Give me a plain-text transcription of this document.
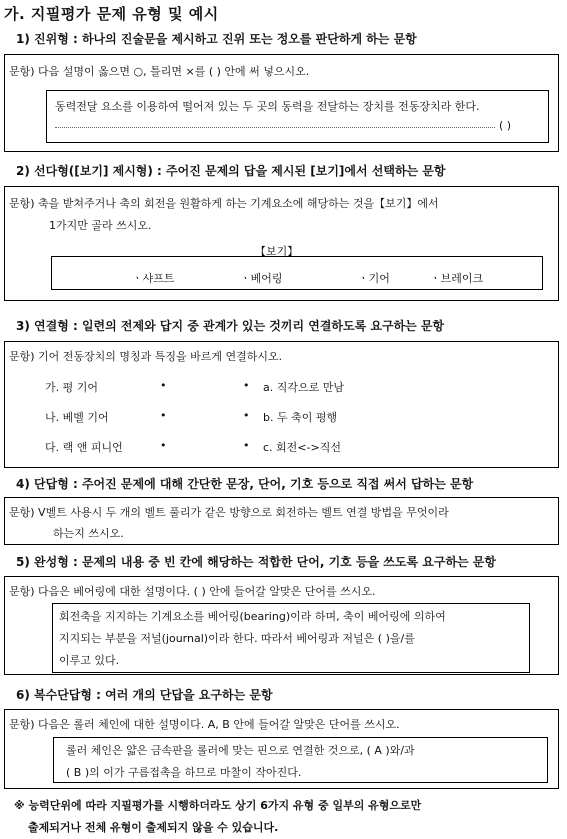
가. 지필평가 문제 유형 및 예시
1) 진위형 : 하나의 진술문을 제시하고 진위 또는 정오를 판단하게 하는 문항
문항) 다음 설명이 옳으면 ○, 틀리면 ×를 ( ) 안에 써 넣으시오.
동력전달 요소를 이용하여 떨어져 있는 두 곳의 동력을 전달하는 장치를 전동장치라 한다.
( )
2) 선다형([보기] 제시형) : 주어진 문제의 답을 제시된 [보기]에서 선택하는 문항
문항) 축을 받쳐주거나 축의 회전을 원활하게 하는 기계요소에 해당하는 것을【보기】에서
1가지만 골라 쓰시오.
【보기】
ㆍ샤프트	ㆍ베어링	ㆍ기어	ㆍ브레이크
3) 연결형 : 일련의 전제와 답지 중 관계가 있는 것끼리 연결하도록 요구하는 문항
문항) 기어 전동장치의 명칭과 특징을 바르게 연결하시오.
가. 평 기어	•	• a. 직각으로 만남
나. 베벨 기어	•	• b. 두 축이 평행
다. 랙 앤 피니언	•	• c. 회전<->직선
4) 단답형 : 주어진 문제에 대해 간단한 문장, 단어, 기호 등으로 직접 써서 답하는 문항
문항) V벨트 사용시 두 개의 벨트 풀리가 같은 방향으로 회전하는 벨트 연결 방법을 무엇이라
하는지 쓰시오.
5) 완성형 : 문제의 내용 중 빈 칸에 해당하는 적합한 단어, 기호 등을 쓰도록 요구하는 문항
문항) 다음은 베어링에 대한 설명이다. ( ) 안에 들어갈 알맞은 단어를 쓰시오.
회전축을 지지하는 기계요소를 베어링(bearing)이라 하며, 축이 베어링에 의하여
지지되는 부분을 저널(journal)이라 한다. 따라서 베어링과 저널은 ( )을/를
이루고 있다.
6) 복수단답형 : 여러 개의 단답을 요구하는 문항
문항) 다음은 롤러 체인에 대한 설명이다. A, B 안에 들어갈 알맞은 단어를 쓰시오.
롤러 체인은 얇은 금속판을 롤러에 맞는 핀으로 연결한 것으로, ( A )와/과
( B )의 이가 구름접촉을 하므로 마찰이 작아진다.
※ 능력단위에 따라 지필평가를 시행하더라도 상기 6가지 유형 중 일부의 유형으로만
출제되거나 전체 유형이 출제되지 않을 수 있습니다.
